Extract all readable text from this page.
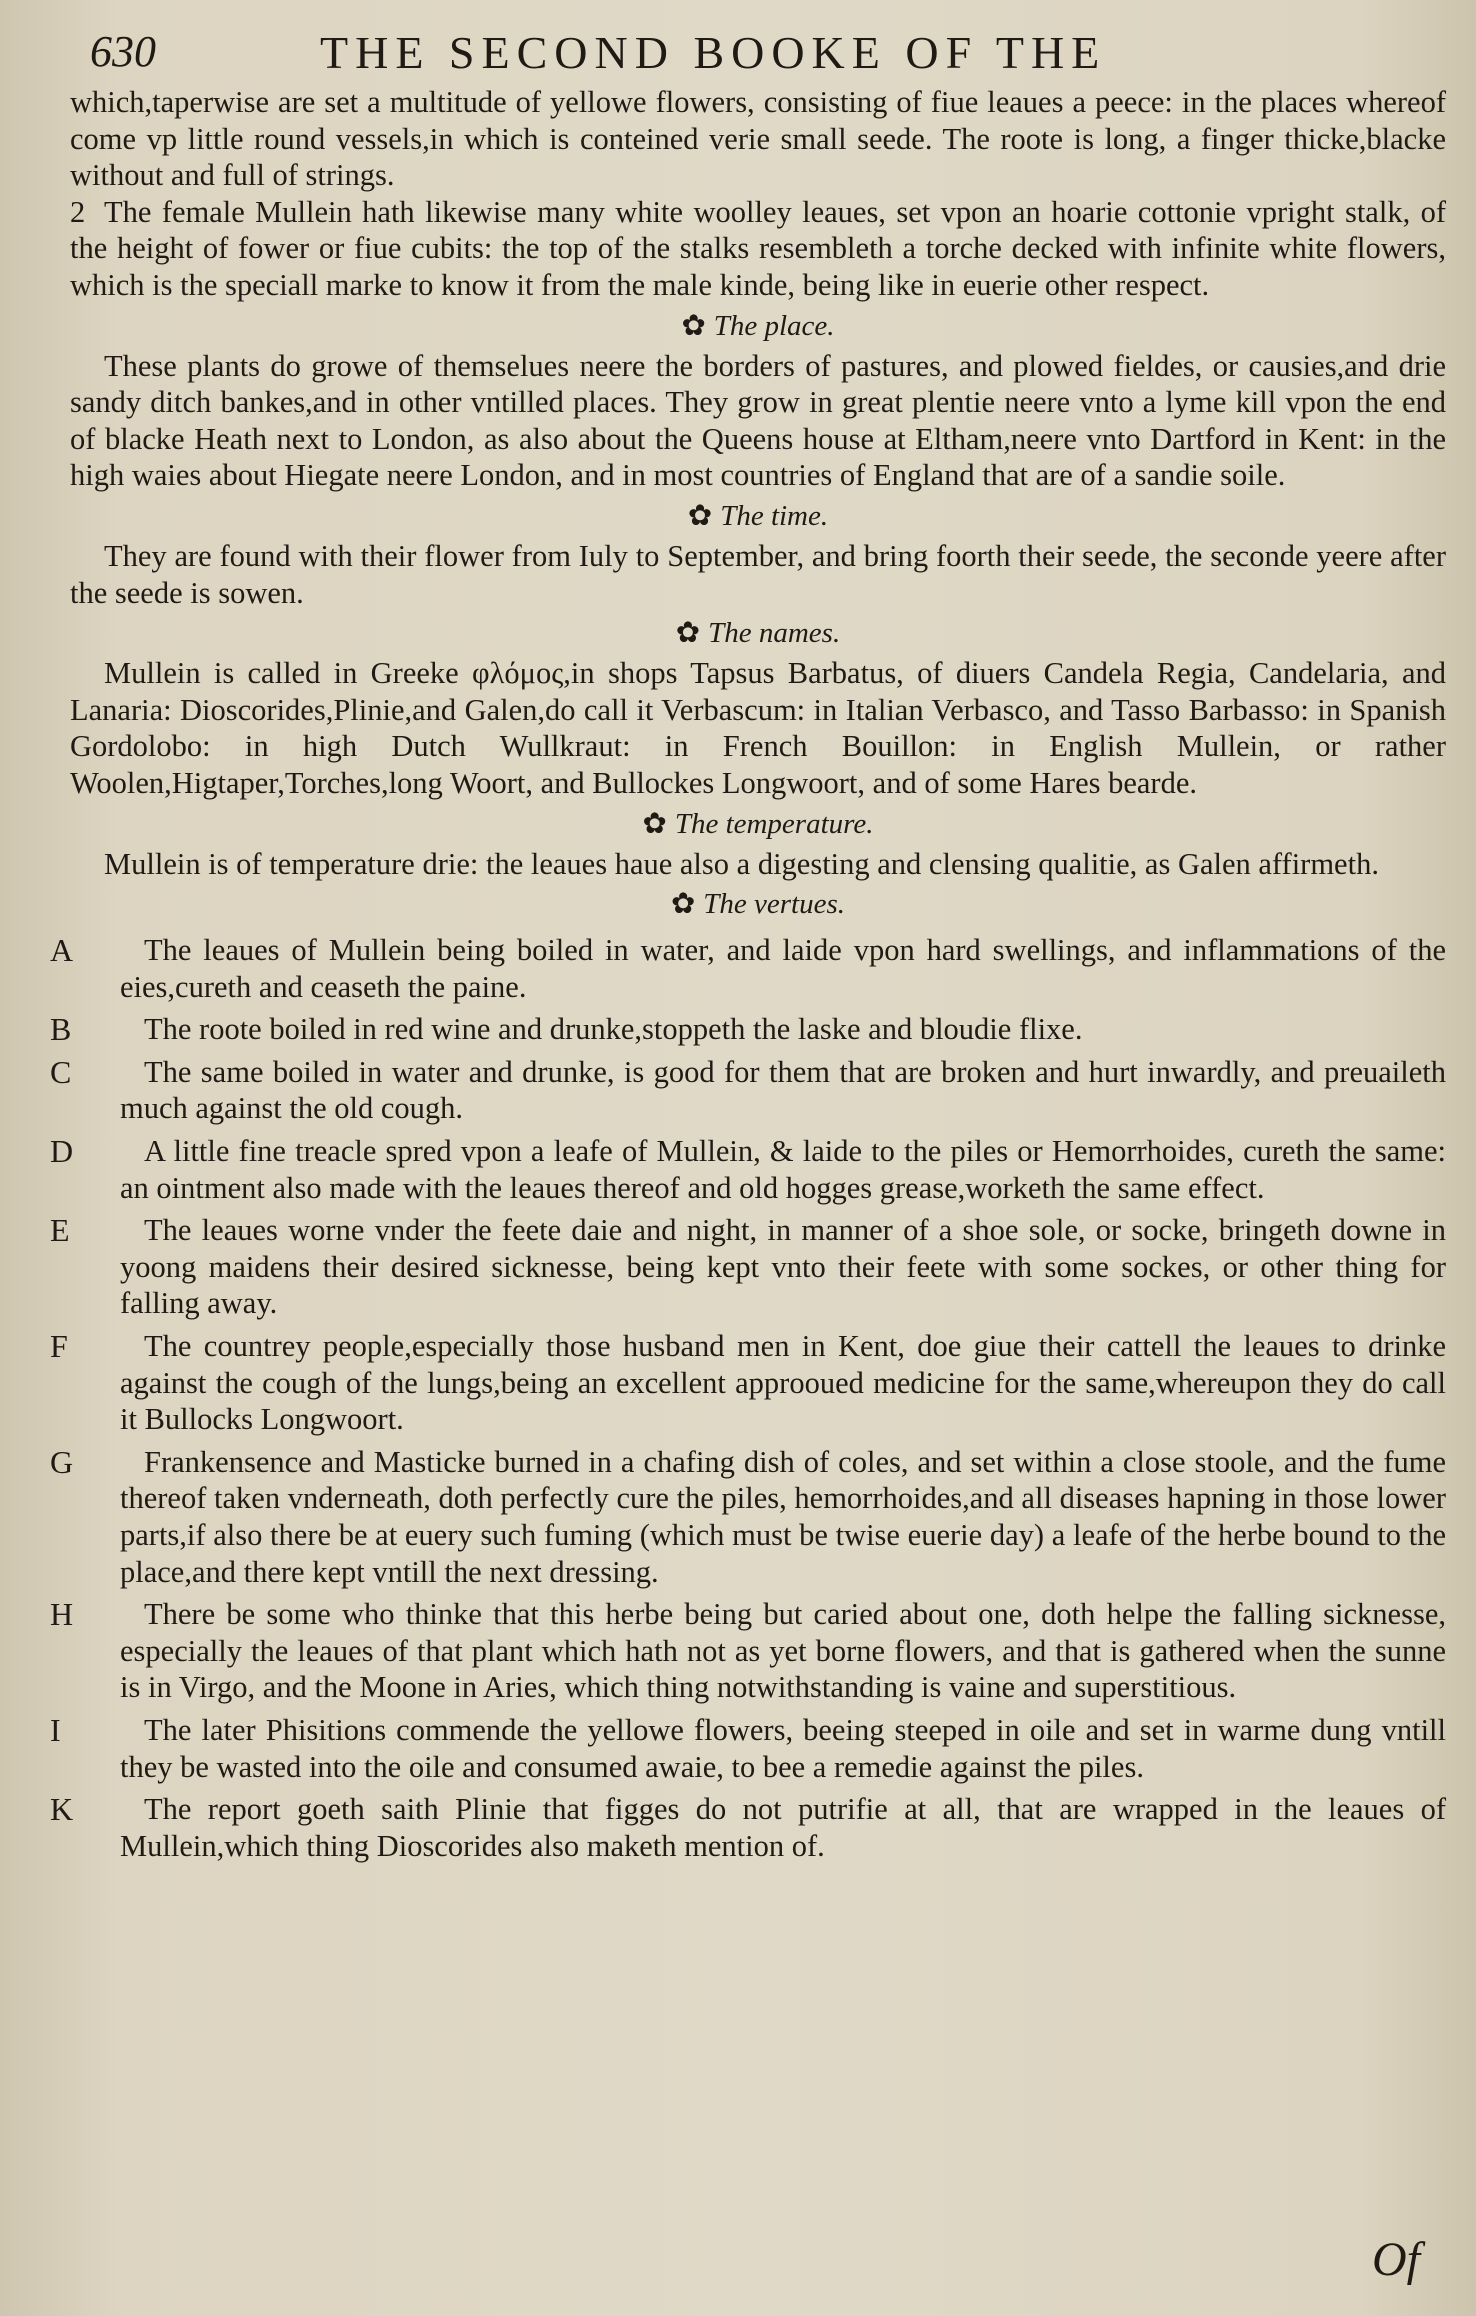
630	THE SECOND BOOKE OF THE

which,taperwise are set a multitude of yellowe flowers, consisting of fiue leaues a peece: in the places whereof come vp little round vessels,in which is conteined verie small seede. The roote is long, a finger thicke,blacke without and full of strings.

2 The female Mullein hath likewise many white woolley leaues, set vpon an hoarie cottonie vpright stalk, of the height of fower or fiue cubits: the top of the stalks resembleth a torche decked with infinite white flowers, which is the speciall marke to know it from the male kinde, being like in euerie other respect.

✿ The place.

These plants do growe of themselues neere the borders of pastures, and plowed fieldes, or causies,and drie sandy ditch bankes,and in other vntilled places. They grow in great plentie neere vnto a lyme kill vpon the end of blacke Heath next to London, as also about the Queens house at Eltham,neere vnto Dartford in Kent: in the high waies about Hiegate neere London, and in most countries of England that are of a sandie soile.

✿ The time.

They are found with their flower from Iuly to September, and bring foorth their seede, the seconde yeere after the seede is sowen.

✿ The names.

Mullein is called in Greeke φλόμος,in shops Tapsus Barbatus, of diuers Candela Regia, Candelaria, and Lanaria: Dioscorides,Plinie,and Galen,do call it Verbascum: in Italian Verbasco, and Tasso Barbasso: in Spanish Gordolobo: in high Dutch Wullkraut: in French Bouillon: in English Mullein, or rather Woolen,Higtaper,Torches,long Woort, and Bullockes Longwoort, and of some Hares bearde.

✿ The temperature.

Mullein is of temperature drie: the leaues haue also a digesting and clensing qualitie, as Galen affirmeth.

✿ The vertues.

A	The leaues of Mullein being boiled in water, and laide vpon hard swellings, and inflammations of the eies,cureth and ceaseth the paine.

B	The roote boiled in red wine and drunke,stoppeth the laske and bloudie flixe.

C	The same boiled in water and drunke, is good for them that are broken and hurt inwardly, and preuaileth much against the old cough.

D	A little fine treacle spred vpon a leafe of Mullein, & laide to the piles or Hemorrhoides, cureth the same: an ointment also made with the leaues thereof and old hogges grease,worketh the same effect.

E	The leaues worne vnder the feete daie and night, in manner of a shoe sole, or socke, bringeth downe in yoong maidens their desired sicknesse, being kept vnto their feete with some sockes, or other thing for falling away.

F	The countrey people,especially those husband men in Kent, doe giue their cattell the leaues to drinke against the cough of the lungs,being an excellent approoued medicine for the same,whereupon they do call it Bullocks Longwoort.

G	Frankensence and Masticke burned in a chafing dish of coles, and set within a close stoole, and the fume thereof taken vnderneath, doth perfectly cure the piles, hemorrhoides,and all diseases hapning in those lower parts,if also there be at euery such fuming (which must be twise euerie day) a leafe of the herbe bound to the place,and there kept vntill the next dressing.

H	There be some who thinke that this herbe being but caried about one, doth helpe the falling sicknesse, especially the leaues of that plant which hath not as yet borne flowers, and that is gathered when the sunne is in Virgo, and the Moone in Aries, which thing notwithstanding is vaine and superstitious.

I	The later Phisitions commende the yellowe flowers, beeing steeped in oile and set in warme dung vntill they be wasted into the oile and consumed awaie, to bee a remedie against the piles.

K	The report goeth saith Plinie that figges do not putrifie at all, that are wrapped in the leaues of Mullein,which thing Dioscorides also maketh mention of.

Of
